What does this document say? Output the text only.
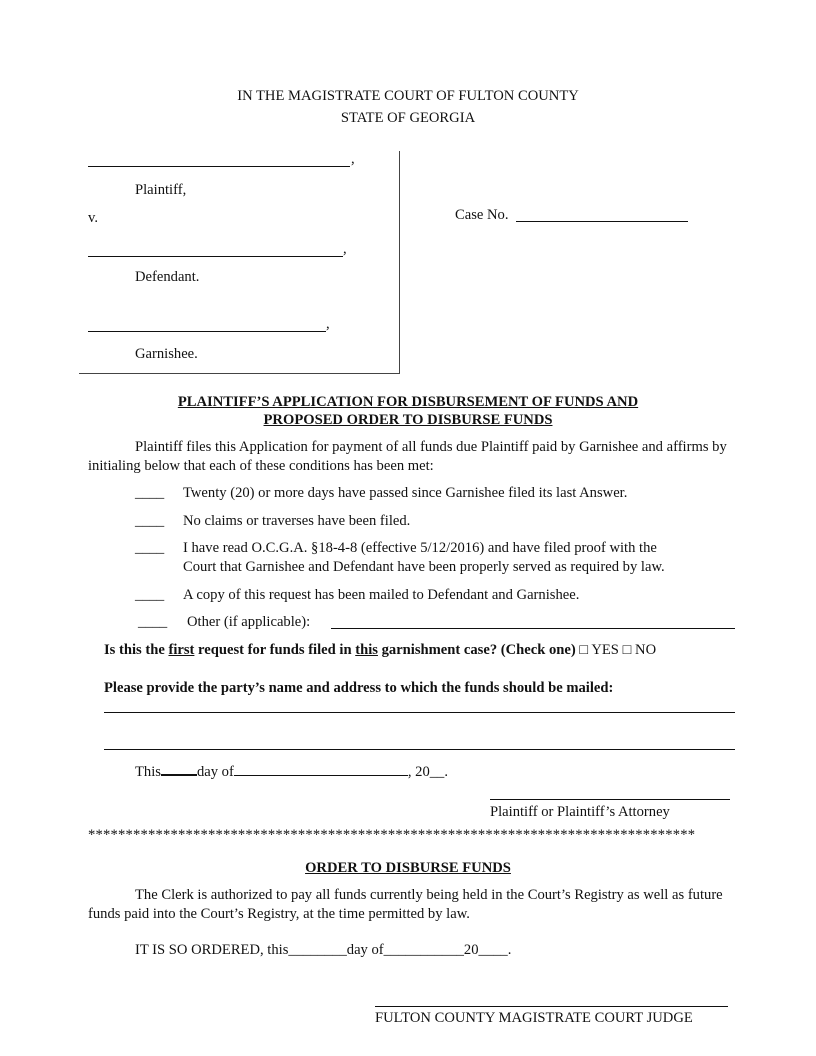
IN THE MAGISTRATE COURT OF FULTON COUNTY
STATE OF GEORGIA
,
Plaintiff,
v.
,
Defendant.
,
Garnishee.
Case No.
PLAINTIFF’S APPLICATION FOR DISBURSEMENT OF FUNDS AND
PROPOSED ORDER TO DISBURSE FUNDS
Plaintiff files this Application for payment of all funds due Plaintiff paid by Garnishee and affirms by initialing below that each of these conditions has been met:
____ Twenty (20) or more days have passed since Garnishee filed its last Answer.
____ No claims or traverses have been filed.
____ I have read O.C.G.A. §18-4-8 (effective 5/12/2016) and have filed proof with the
Court that Garnishee and Defendant have been properly served as required by law.
____ A copy of this request has been mailed to Defendant and Garnishee.
____ Other (if applicable):
Is this the first request for funds filed in this garnishment case? (Check one) □ YES □ NO
Please provide the party’s name and address to which the funds should be mailed:
This day of	, 20__.
Plaintiff or Plaintiff’s Attorney
*********************************************************************************
ORDER TO DISBURSE FUNDS
The Clerk is authorized to pay all funds currently being held in the Court’s Registry as well as future funds paid into the Court’s Registry, at the time permitted by law.
IT IS SO ORDERED, this________day of___________20____.
FULTON COUNTY MAGISTRATE COURT JUDGE
